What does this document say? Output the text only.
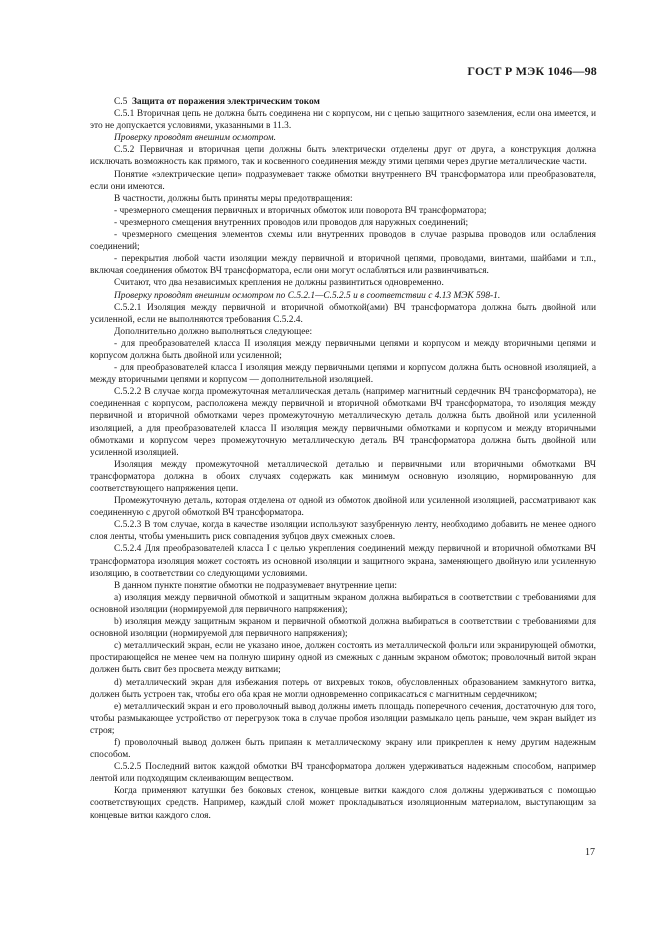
ГОСТ Р МЭК 1046—98

С.5 Защита от поражения электрическим током

С.5.1 Вторичная цепь не должна быть соединена ни с корпусом, ни с цепью защитного заземления, если она имеется, и это не допускается условиями, указанными в 11.3.

Проверку проводят внешним осмотром.

С.5.2 Первичная и вторичная цепи должны быть электрически отделены друг от друга, а конструкция должна исключать возможность как прямого, так и косвенного соединения между этими цепями через другие металлические части.

Понятие «электрические цепи» подразумевает также обмотки внутреннего ВЧ трансформатора или преобразователя, если они имеются.

В частности, должны быть приняты меры предотвращения:

- чрезмерного смещения первичных и вторичных обмоток или поворота ВЧ трансформатора;

- чрезмерного смещения внутренних проводов или проводов для наружных соединений;

- чрезмерного смещения элементов схемы или внутренних проводов в случае разрыва проводов или ослабления соединений;

- перекрытия любой части изоляции между первичной и вторичной цепями, проводами, винтами, шайбами и т.п., включая соединения обмоток ВЧ трансформатора, если они могут ослабляться или развинчиваться.

Считают, что два независимых крепления не должны развинтиться одновременно.

Проверку проводят внешним осмотром по С.5.2.1—С.5.2.5 и в соответствии с 4.13 МЭК 598-1.

С.5.2.1 Изоляция между первичной и вторичной обмоткой(ами) ВЧ трансформатора должна быть двойной или усиленной, если не выполняются требования С.5.2.4.

Дополнительно должно выполняться следующее:

- для преобразователей класса II изоляция между первичными цепями и корпусом и между вторичными цепями и корпусом должна быть двойной или усиленной;

- для преобразователей класса I изоляция между первичными цепями и корпусом должна быть основной изоляцией, а между вторичными цепями и корпусом — дополнительной изоляцией.

С.5.2.2 В случае когда промежуточная металлическая деталь (например магнитный сердечник ВЧ трансформатора), не соединенная с корпусом, расположена между первичной и вторичной обмотками ВЧ трансформатора, то изоляция между первичной и вторичной обмотками через промежуточную металлическую деталь должна быть двойной или усиленной изоляцией, а для преобразователей класса II изоляция между первичными обмотками и корпусом и между вторичными обмотками и корпусом через промежуточную металлическую деталь ВЧ трансформатора должна быть двойной или усиленной изоляцией.

Изоляция между промежуточной металлической деталью и первичными или вторичными обмотками ВЧ трансформатора должна в обоих случаях содержать как минимум основную изоляцию, нормированную для соответствующего напряжения цепи.

Промежуточную деталь, которая отделена от одной из обмоток двойной или усиленной изоляцией, рассматривают как соединенную с другой обмоткой ВЧ трансформатора.

С.5.2.3 В том случае, когда в качестве изоляции используют зазубренную ленту, необходимо добавить не менее одного слоя ленты, чтобы уменьшить риск совпадения зубцов двух смежных слоев.

С.5.2.4 Для преобразователей класса I с целью укрепления соединений между первичной и вторичной обмотками ВЧ трансформатора изоляция может состоять из основной изоляции и защитного экрана, заменяющего двойную или усиленную изоляцию, в соответствии со следующими условиями.

В данном пункте понятие обмотки не подразумевает внутренние цепи:

a) изоляция между первичной обмоткой и защитным экраном должна выбираться в соответствии с требованиями для основной изоляции (нормируемой для первичного напряжения);

b) изоляция между защитным экраном и первичной обмоткой должна выбираться в соответствии с требованиями для основной изоляции (нормируемой для первичного напряжения);

c) металлический экран, если не указано иное, должен состоять из металлической фольги или экранирующей обмотки, простирающейся не менее чем на полную ширину одной из смежных с данным экраном обмоток; проволочный витой экран должен быть свит без просвета между витками;

d) металлический экран для избежания потерь от вихревых токов, обусловленных образованием замкнутого витка, должен быть устроен так, чтобы его оба края не могли одновременно соприкасаться с магнитным сердечником;

e) металлический экран и его проволочный вывод должны иметь площадь поперечного сечения, достаточную для того, чтобы размыкающее устройство от перегрузок тока в случае пробоя изоляции размыкало цепь раньше, чем экран выйдет из строя;

f) проволочный вывод должен быть припаян к металлическому экрану или прикреплен к нему другим надежным способом.

С.5.2.5 Последний виток каждой обмотки ВЧ трансформатора должен удерживаться надежным способом, например лентой или подходящим склеивающим веществом.

Когда применяют катушки без боковых стенок, концевые витки каждого слоя должны удерживаться с помощью соответствующих средств. Например, каждый слой может прокладываться изоляционным материалом, выступающим за концевые витки каждого слоя.

17
